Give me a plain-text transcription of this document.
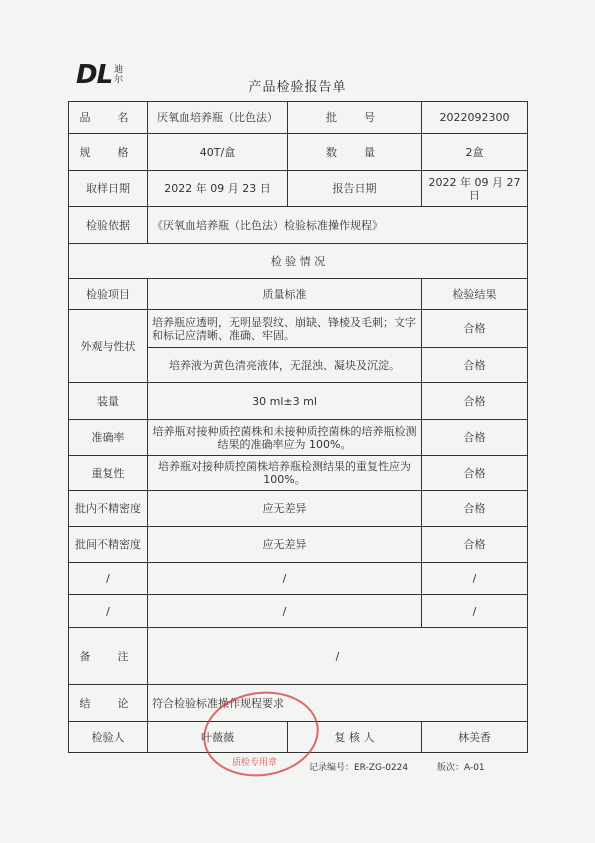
DL 迪
尔	产品检验报告单
品　名	厌氧血培养瓶（比色法）	批　号	2022092300
规　格	40T/盒	数　量	2盒
取样日期	2022 年 09 月 23 日	报告日期	2022 年 09 月 27 日
检验依据	《厌氧血培养瓶（比色法）检验标准操作规程》		
检 验 情 况			
检验项目	质量标准		检验结果
外观与性状	培养瓶应透明，无明显裂纹、崩缺、锋棱及毛刺；文字和标记应清晰、准确、牢固。		合格
	培养液为黄色清亮液体，无混浊、凝块及沉淀。		合格
装量	30 ml±3 ml		合格
准确率	培养瓶对接种质控菌株和未接种质控菌株的培养瓶检测结果的准确率应为 100%。		合格
重复性	培养瓶对接种质控菌株培养瓶检测结果的重复性应为 100%。		合格
批内不精密度	应无差异		合格
批间不精密度	应无差异		合格
/	/		/
/	/		/
备　注	/		
结　论	符合检验标准操作规程要求		
检验人	叶薇薇	复 核 人	林美香
质检专用章	记录编号：ER-ZG-0224	版次：A-01
